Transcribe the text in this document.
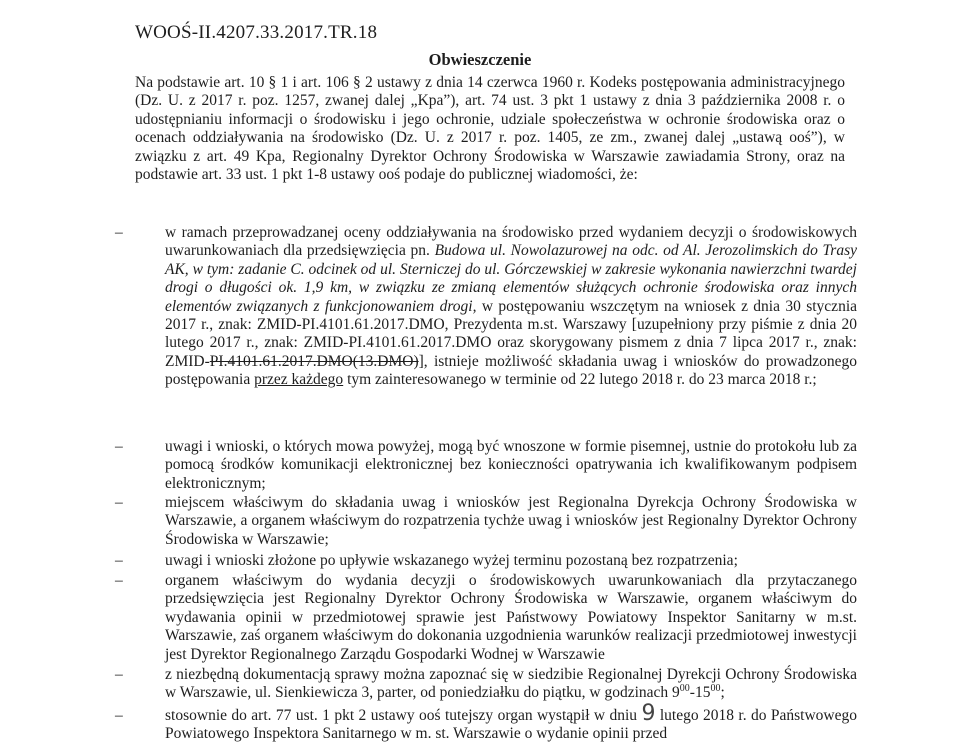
WOOŚ-II.4207.33.2017.TR.18
Obwieszczenie

Na podstawie art. 10 § 1 i art. 106 § 2 ustawy z dnia 14 czerwca 1960 r. Kodeks postępowania administracyjnego (Dz. U. z 2017 r. poz. 1257, zwanej dalej „Kpa”), art. 74 ust. 3 pkt 1 ustawy z dnia 3 października 2008 r. o udostępnianiu informacji o środowisku i jego ochronie, udziale społeczeństwa w ochronie środowiska oraz o ocenach oddziaływania na środowisko (Dz. U. z 2017 r. poz. 1405, ze zm., zwanej dalej „ustawą ooś”), w związku z art. 49 Kpa, Regionalny Dyrektor Ochrony Środowiska w Warszawie zawiadamia Strony, oraz na podstawie art. 33 ust. 1 pkt 1-8 ustawy ooś podaje do publicznej wiadomości, że:

–	w ramach przeprowadzanej oceny oddziaływania na środowisko przed wydaniem decyzji o środowiskowych uwarunkowaniach dla przedsięwzięcia pn. Budowa ul. Nowolazurowej na odc. od Al. Jerozolimskich do Trasy AK, w tym: zadanie C. odcinek od ul. Sterniczej do ul. Górczewskiej w zakresie wykonania nawierzchni twardej drogi o długości ok. 1,9 km, w związku ze zmianą elementów służących ochronie środowiska oraz innych elementów związanych z funkcjonowaniem drogi, w postępowaniu wszczętym na wniosek z dnia 30 stycznia 2017 r., znak: ZMID-PI.4101.61.2017.DMO, Prezydenta m.st. Warszawy [uzupełniony przy piśmie z dnia 20 lutego 2017 r., znak: ZMID-PI.4101.61.2017.DMO oraz skorygowany pismem z dnia 7 lipca 2017 r., znak: ZMID-PI.4101.61.2017.DMO(13.DMO)], istnieje możliwość składania uwag i wniosków do prowadzonego postępowania przez każdego tym zainteresowanego w terminie od 22 lutego 2018 r. do 23 marca 2018 r.;
–	uwagi i wnioski, o których mowa powyżej, mogą być wnoszone w formie pisemnej, ustnie do protokołu lub za pomocą środków komunikacji elektronicznej bez konieczności opatrywania ich kwalifikowanym podpisem elektronicznym;
–	miejscem właściwym do składania uwag i wniosków jest Regionalna Dyrekcja Ochrony Środowiska w Warszawie, a organem właściwym do rozpatrzenia tychże uwag i wniosków jest Regionalny Dyrektor Ochrony Środowiska w Warszawie;
–	uwagi i wnioski złożone po upływie wskazanego wyżej terminu pozostaną bez rozpatrzenia;
–	organem właściwym do wydania decyzji o środowiskowych uwarunkowaniach dla przytaczanego przedsięwzięcia jest Regionalny Dyrektor Ochrony Środowiska w Warszawie, organem właściwym do wydawania opinii w przedmiotowej sprawie jest Państwowy Powiatowy Inspektor Sanitarny w m.st. Warszawie, zaś organem właściwym do dokonania uzgodnienia warunków realizacji przedmiotowej inwestycji jest Dyrektor Regionalnego Zarządu Gospodarki Wodnej w Warszawie
–	z niezbędną dokumentacją sprawy można zapoznać się w siedzibie Regionalnej Dyrekcji Ochrony Środowiska w Warszawie, ul. Sienkiewicza 3, parter, od poniedziałku do piątku, w godzinach $9^{00}-15^{00}$;
–	stosownie do art. 77 ust. 1 pkt 2 ustawy ooś tutejszy organ wystąpił w dniu 9 lutego 2018 r. do Państwowego Powiatowego Inspektora Sanitarnego w m. st. Warszawie o wydanie opinii przed
